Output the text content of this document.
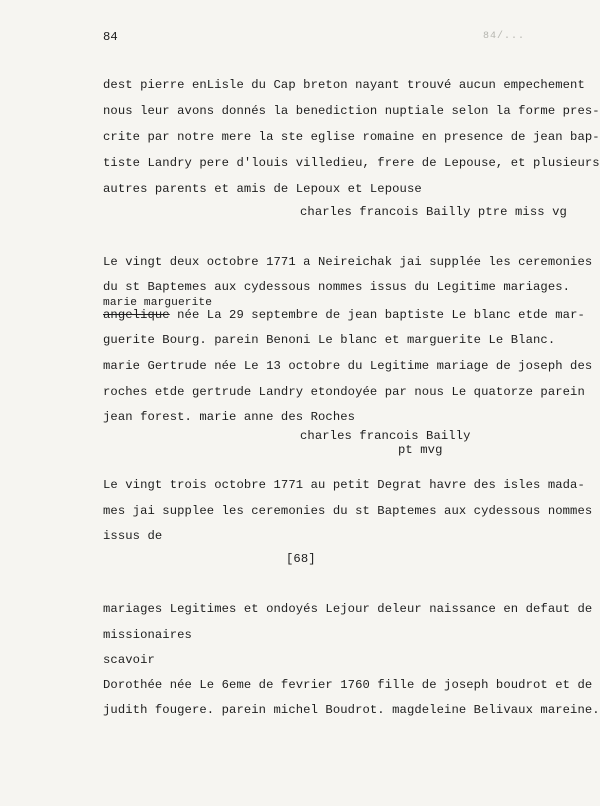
84	84/...
dest pierre enLisle du Cap breton nayant trouvé aucun empechement
nous leur avons donnés la benediction nuptiale selon la forme pres-
crite par notre mere la ste eglise romaine en presence de jean bap-
tiste Landry pere d'louis villedieu, frere de Lepouse, et plusieurs
autres parents et amis de Lepoux et Lepouse
charles francois Bailly ptre miss vg
Le vingt deux octobre 1771 a Neireichak jai supplée les ceremonies
du st Baptemes aux cydessous nommes issus du Legitime mariages.
marie marguerite
angelique née La 29 septembre de jean baptiste Le blanc etde mar-
guerite Bourg. parein Benoni Le blanc et marguerite Le Blanc.
marie Gertrude née Le 13 octobre du Legitime mariage de joseph des
roches etde gertrude Landry etondoyée par nous Le quatorze parein
jean forest. marie anne des Roches
charles francois Bailly
pt mvg
Le vingt trois octobre 1771 au petit Degrat havre des isles mada-
mes jai supplee les ceremonies du st Baptemes aux cydessous nommes
issus de
[68]
mariages Legitimes et ondoyés Lejour deleur naissance en defaut de
missionaires
scavoir
Dorothée née Le 6eme de fevrier 1760 fille de joseph boudrot et de
judith fougere. parein michel Boudrot. magdeleine Belivaux mareine.
